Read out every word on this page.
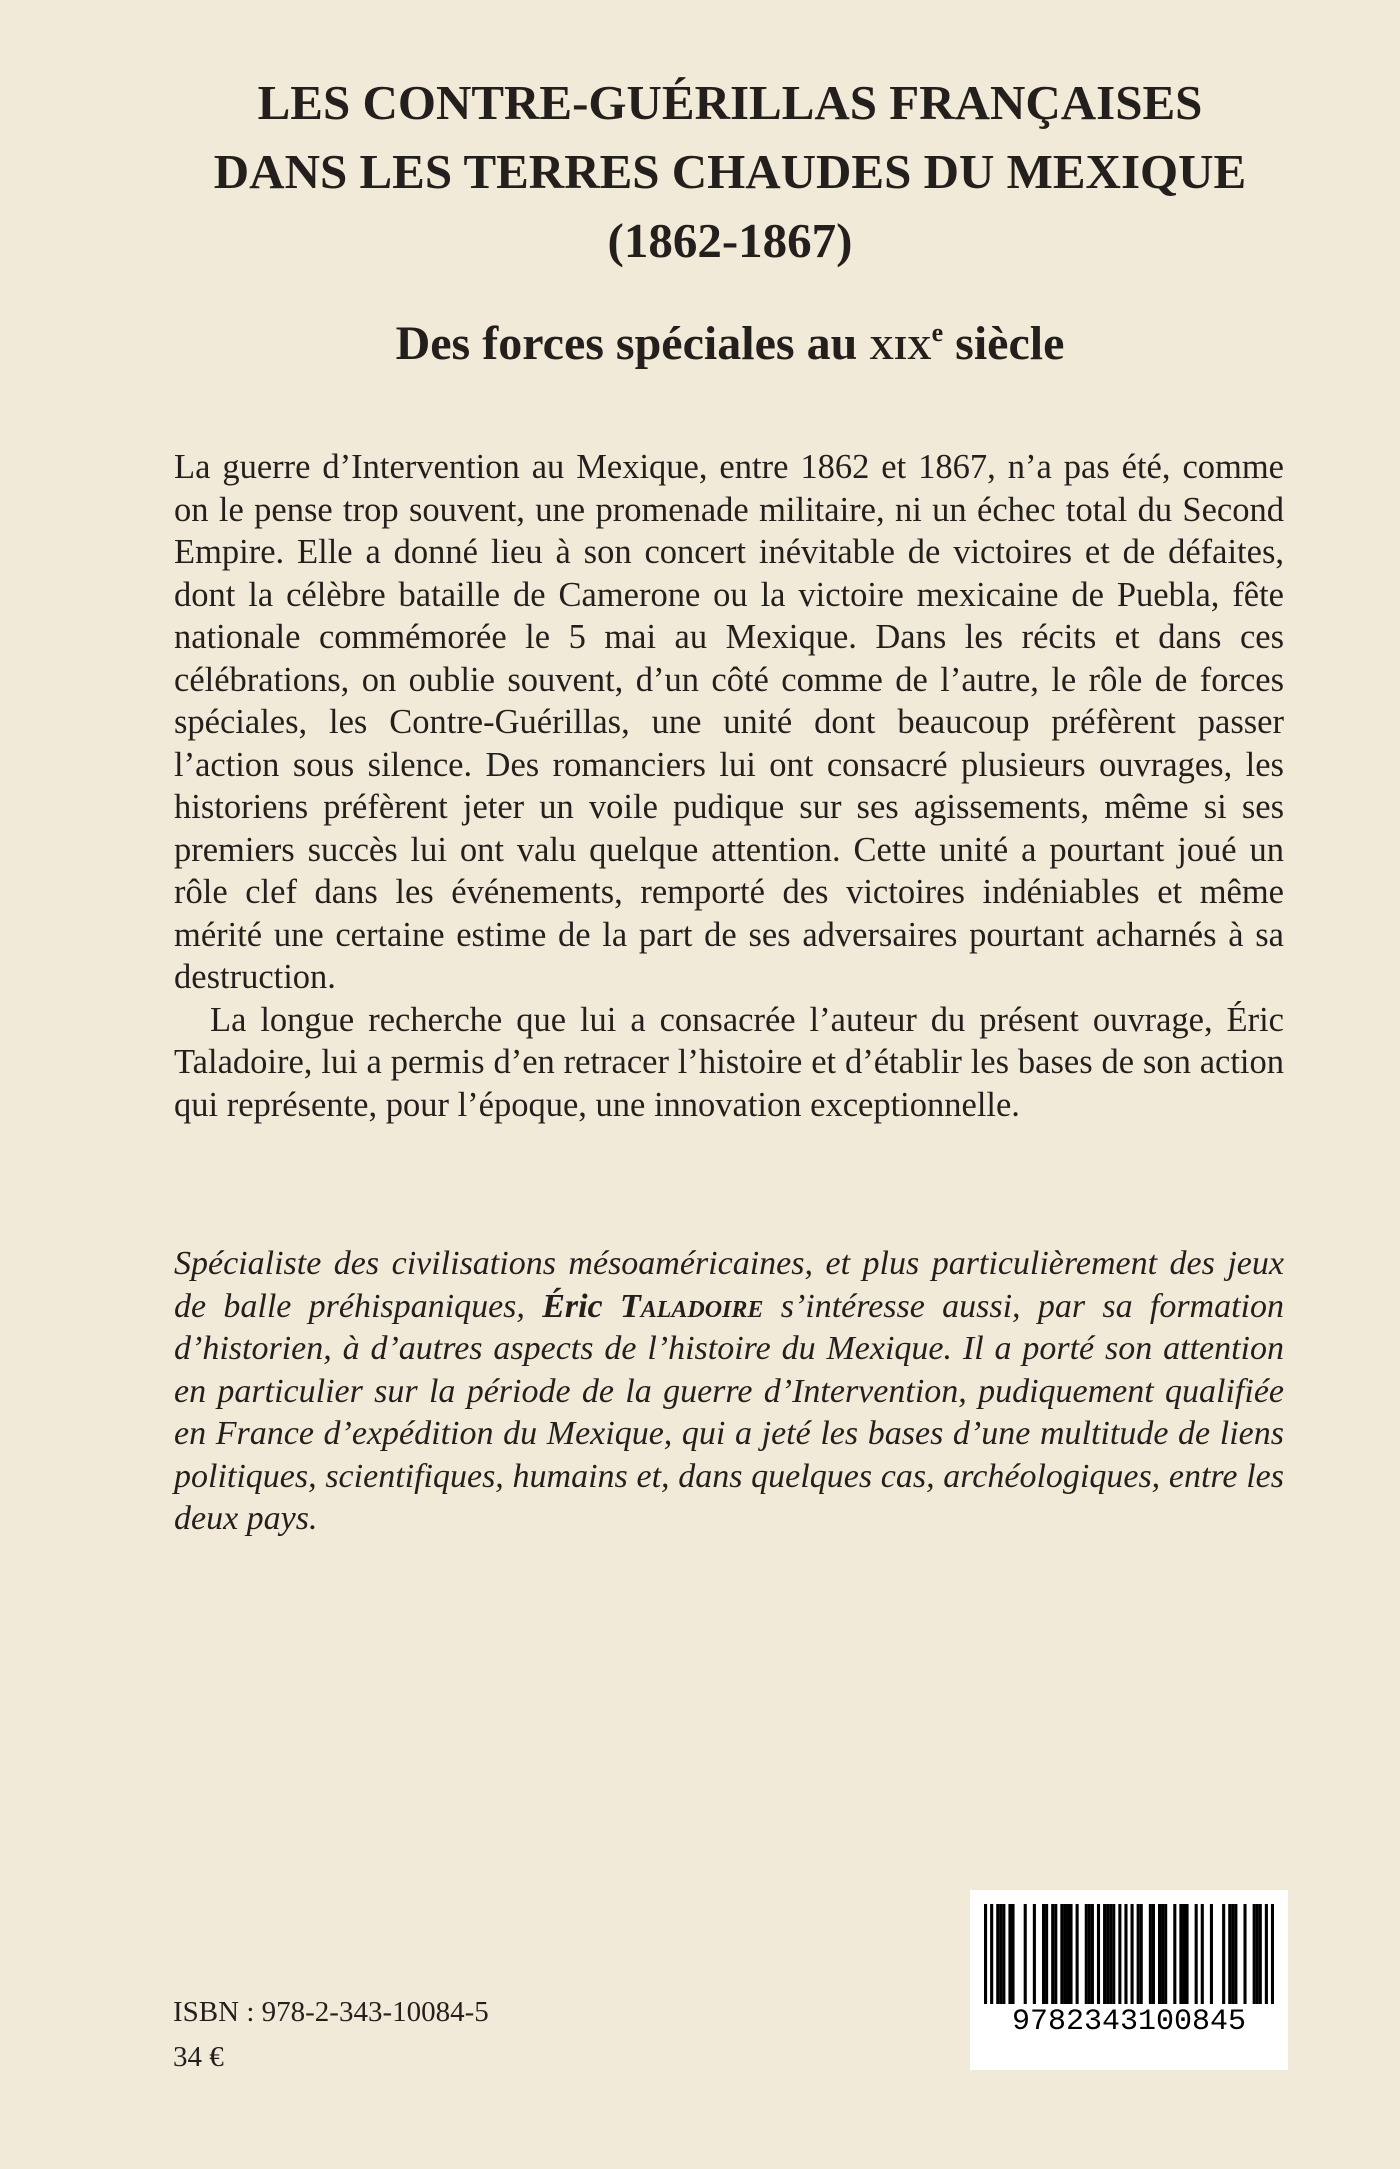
LES CONTRE-GUÉRILLAS FRANÇAISES
DANS LES TERRES CHAUDES DU MEXIQUE
(1862-1867)
Des forces spéciales au xix$^e$ siècle

La guerre d’Intervention au Mexique, entre 1862 et 1867, n’a pas été, comme on le pense trop souvent, une promenade militaire, ni un échec total du Second Empire. Elle a donné lieu à son concert inévitable de victoires et de défaites, dont la célèbre bataille de Camerone ou la victoire mexicaine de Puebla, fête nationale commémorée le 5 mai au Mexique. Dans les récits et dans ces célébrations, on oublie souvent, d’un côté comme de l’autre, le rôle de forces spéciales, les Contre-Guérillas, une unité dont beaucoup préfèrent passer l’action sous silence. Des romanciers lui ont consacré plusieurs ouvrages, les historiens préfèrent jeter un voile pudique sur ses agissements, même si ses premiers succès lui ont valu quelque attention. Cette unité a pourtant joué un rôle clef dans les événements, remporté des victoires indéniables et même mérité une certaine estime de la part de ses adversaires pourtant acharnés à sa destruction.

La longue recherche que lui a consacrée l’auteur du présent ouvrage, Éric Taladoire, lui a permis d’en retracer l’histoire et d’établir les bases de son action qui représente, pour l’époque, une innovation exceptionnelle.

Spécialiste des civilisations mésoaméricaines, et plus particulièrement des jeux de balle préhispaniques, Éric Taladoire s’intéresse aussi, par sa formation d’historien, à d’autres aspects de l’histoire du Mexique. Il a porté son attention en particulier sur la période de la guerre d’Intervention, pudiquement qualifiée en France d’expédition du Mexique, qui a jeté les bases d’une multitude de liens politiques, scientifiques, humains et, dans quelques cas, archéologiques, entre les deux pays.

ISBN : 978-2-343-10084-5
34 €
9782343100845
